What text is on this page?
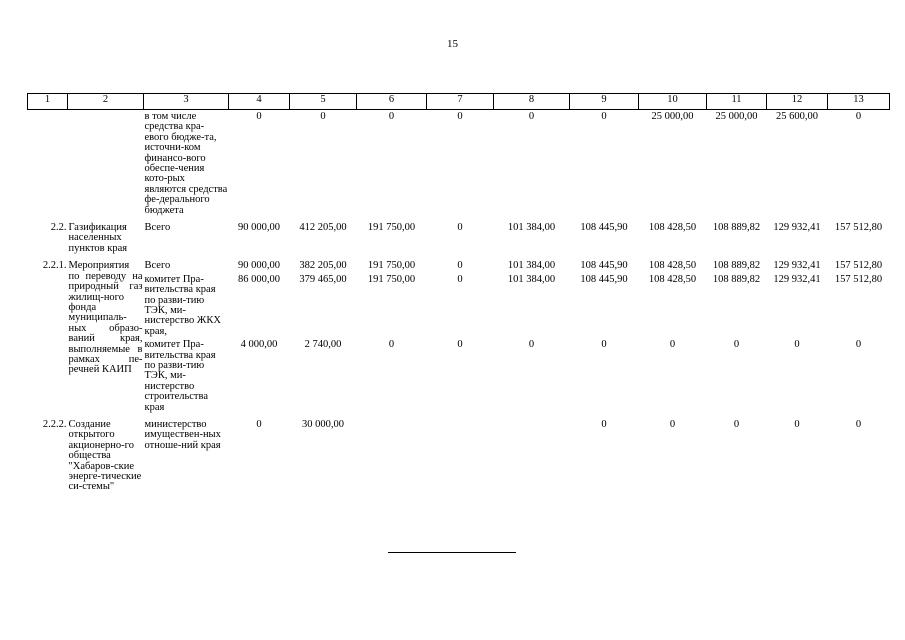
15
1	2	3	4	5	6	7	8	9	10	11	12	13
		в том числе средства кра-евого бюдже-та, источни-ком финансо-вого обеспе-чения кото-рых являются средства фе-дерального бюджета	0	0	0	0	0	0	25 000,00	25 000,00	25 600,00	0
2.2.	Газификация населенных пунктов края	Всего	90 000,00	412 205,00	191 750,00	0	101 384,00	108 445,90	108 428,50	108 889,82	129 932,41	157 512,80
2.2.1.	Мероприятия по переводу на природный газ жилищ-ного фонда муниципаль-ных образо-ваний края, выполняемые в рамках пе-речней КАИП	Всего	90 000,00	382 205,00	191 750,00	0	101 384,00	108 445,90	108 428,50	108 889,82	129 932,41	157 512,80
		комитет Пра-вительства края по разви-тию ТЭК, ми-нистерство ЖКХ края,	86 000,00	379 465,00	191 750,00	0	101 384,00	108 445,90	108 428,50	108 889,82	129 932,41	157 512,80
		комитет Пра-вительства края по разви-тию ТЭК, ми-нистерство строительства края	4 000,00	2 740,00	0	0	0	0	0	0	0	0
2.2.2.	Создание открытого акционерно-го общества "Хабаров-ские энерге-тические си-стемы"	министерство имуществен-ных отноше-ний края	0	30 000,00				0	0	0	0	0
